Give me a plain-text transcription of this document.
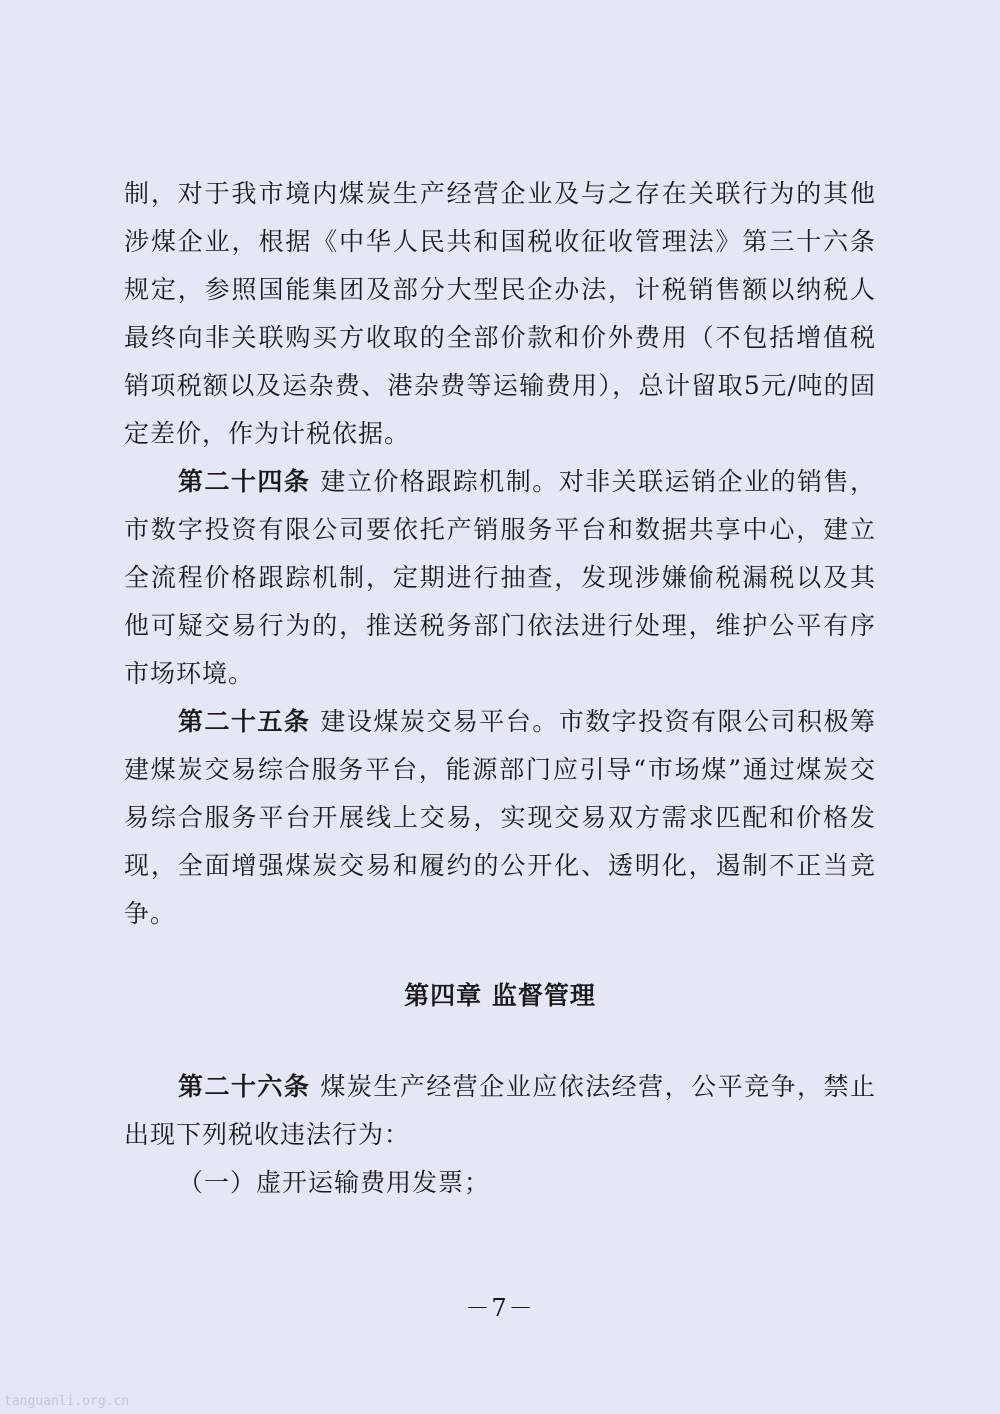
制，对于我市境内煤炭生产经营企业及与之存在关联行为的其他涉煤企业，根据《中华人民共和国税收征收管理法》第三十六条规定，参照国能集团及部分大型民企办法，计税销售额以纳税人最终向非关联购买方收取的全部价款和价外费用（不包括增值税销项税额以及运杂费、港杂费等运输费用），总计留取5元/吨的固定差价，作为计税依据。

第二十四条 建立价格跟踪机制。对非关联运销企业的销售，市数字投资有限公司要依托产销服务平台和数据共享中心，建立全流程价格跟踪机制，定期进行抽查，发现涉嫌偷税漏税以及其他可疑交易行为的，推送税务部门依法进行处理，维护公平有序市场环境。

第二十五条 建设煤炭交易平台。市数字投资有限公司积极筹建煤炭交易综合服务平台，能源部门应引导“市场煤”通过煤炭交易综合服务平台开展线上交易，实现交易双方需求匹配和价格发现，全面增强煤炭交易和履约的公开化、透明化，遏制不正当竞争。

第四章 监督管理

第二十六条 煤炭生产经营企业应依法经营，公平竞争，禁止出现下列税收违法行为：

（一）虚开运输费用发票；

－7－
tanguanli.org.cn
